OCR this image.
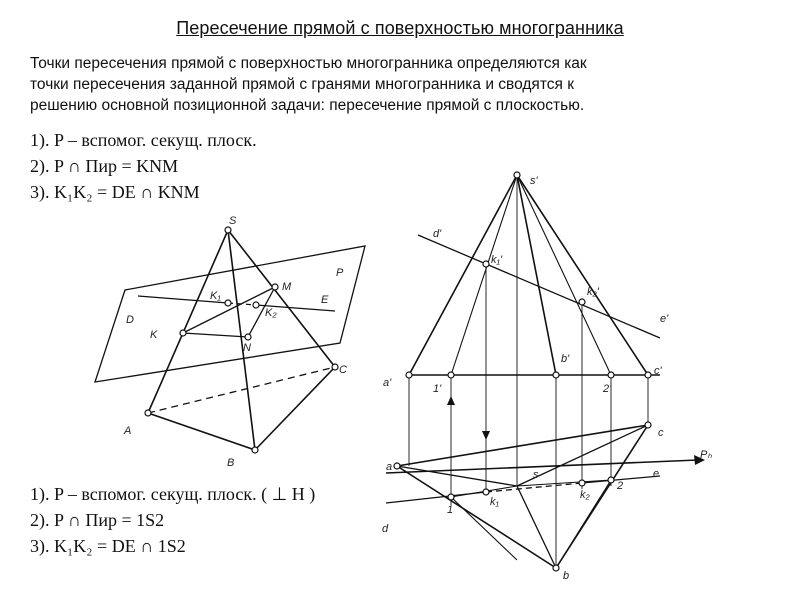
Пересечение прямой с поверхностью многогранника
Точки пересечения прямой с поверхностью многогранника определяются как
точки пересечения заданной прямой с гранями многогранника и сводятся к
решению основной позиционной задачи: пересечение прямой с плоскостью.
1). P – вспомог. секущ. плоск.
2). P ∩ Пир = KNM
3). K₁K₂ = DE ∩ KNM
1). P – вспомог. секущ. плоск. ( ⊥ H )
2). P ∩ Пир = 1S2
3). K₁K₂ = DE ∩ 1S2
S
P
M
E
D
K
K₁
K₂
N
C
A
B
s'
d'
k₁'
k₂'
e'
b'
a'	1'	2'
c'
c
a
Pₕ
e
s
k₁
k₂
1
2
d
b
